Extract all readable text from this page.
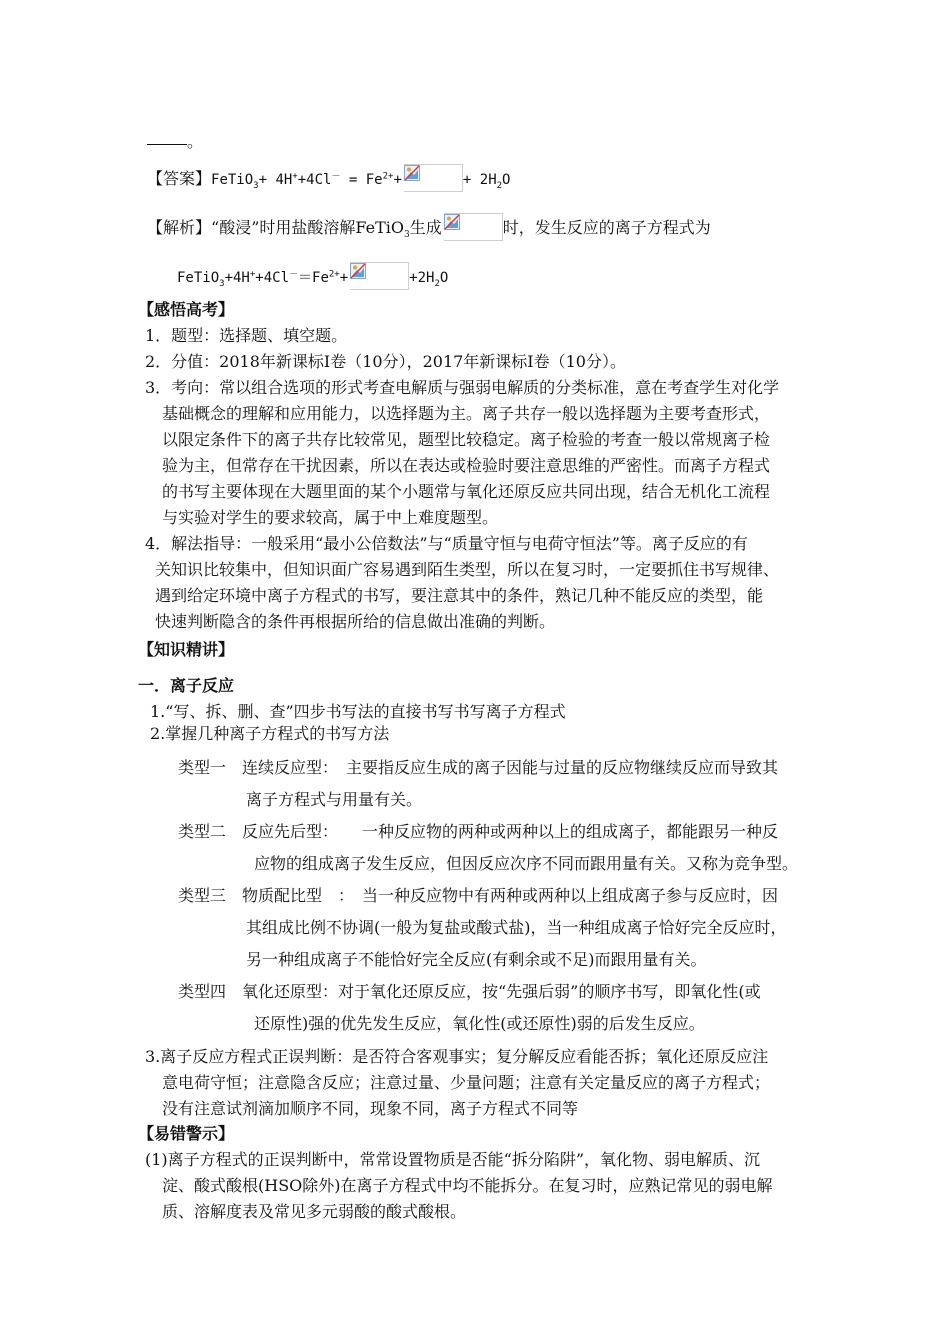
。
【答案】FeTiO$_3$+ $4H^++4Cl^- = Fe^{2+}+$	+ $2H_2O$
【解析】“酸浸”时用盐酸溶解FeTiO$_3$生成	时，发生反应的离子方程式为
$FeTiO_3+4H^++4Cl^-=Fe^{2+}+$	$+2H_2O$
【感悟高考】
1．题型：选择题、填空题。
2．分值：2018年新课标Ⅰ卷（10分），2017年新课标Ⅰ卷（10分）。
3．考向：常以组合选项的形式考查电解质与强弱电解质的分类标准，意在考查学生对化学
基础概念的理解和应用能力，以选择题为主。离子共存一般以选择题为主要考查形式，
以限定条件下的离子共存比较常见，题型比较稳定。离子检验的考查一般以常规离子检
验为主，但常存在干扰因素，所以在表达或检验时要注意思维的严密性。而离子方程式
的书写主要体现在大题里面的某个小题常与氧化还原反应共同出现，结合无机化工流程
与实验对学生的要求较高，属于中上难度题型。
4．解法指导：一般采用“最小公倍数法”与“质量守恒与电荷守恒法”等。离子反应的有
关知识比较集中，但知识面广容易遇到陌生类型，所以在复习时，一定要抓住书写规律、
遇到给定环境中离子方程式的书写，要注意其中的条件，熟记几种不能反应的类型，能
快速判断隐含的条件再根据所给的信息做出准确的判断。
【知识精讲】
一．离子反应
1.“写、拆、删、查”四步书写法的直接书写书写离子方程式
2.掌握几种离子方程式的书写方法
类型一　连续反应型：　主要指反应生成的离子因能与过量的反应物继续反应而导致其
离子方程式与用量有关。
类型二　反应先后型：　　一种反应物的两种或两种以上的组成离子，都能跟另一种反
应物的组成离子发生反应，但因反应次序不同而跟用量有关。又称为竞争型。
类型三　物质配比型　：　当一种反应物中有两种或两种以上组成离子参与反应时，因
其组成比例不协调(一般为复盐或酸式盐)，当一种组成离子恰好完全反应时，
另一种组成离子不能恰好完全反应(有剩余或不足)而跟用量有关。
类型四　氧化还原型：对于氧化还原反应，按“先强后弱”的顺序书写，即氧化性(或
还原性)强的优先发生反应，氧化性(或还原性)弱的后发生反应。
3.离子反应方程式正误判断：是否符合客观事实；复分解反应看能否拆；氧化还原反应注
意电荷守恒；注意隐含反应；注意过量、少量问题；注意有关定量反应的离子方程式；
没有注意试剂滴加顺序不同，现象不同，离子方程式不同等
【易错警示】
(1)离子方程式的正误判断中，常常设置物质是否能“拆分陷阱”，氧化物、弱电解质、沉
淀、酸式酸根(HSO除外)在离子方程式中均不能拆分。在复习时，应熟记常见的弱电解
质、溶解度表及常见多元弱酸的酸式酸根。
